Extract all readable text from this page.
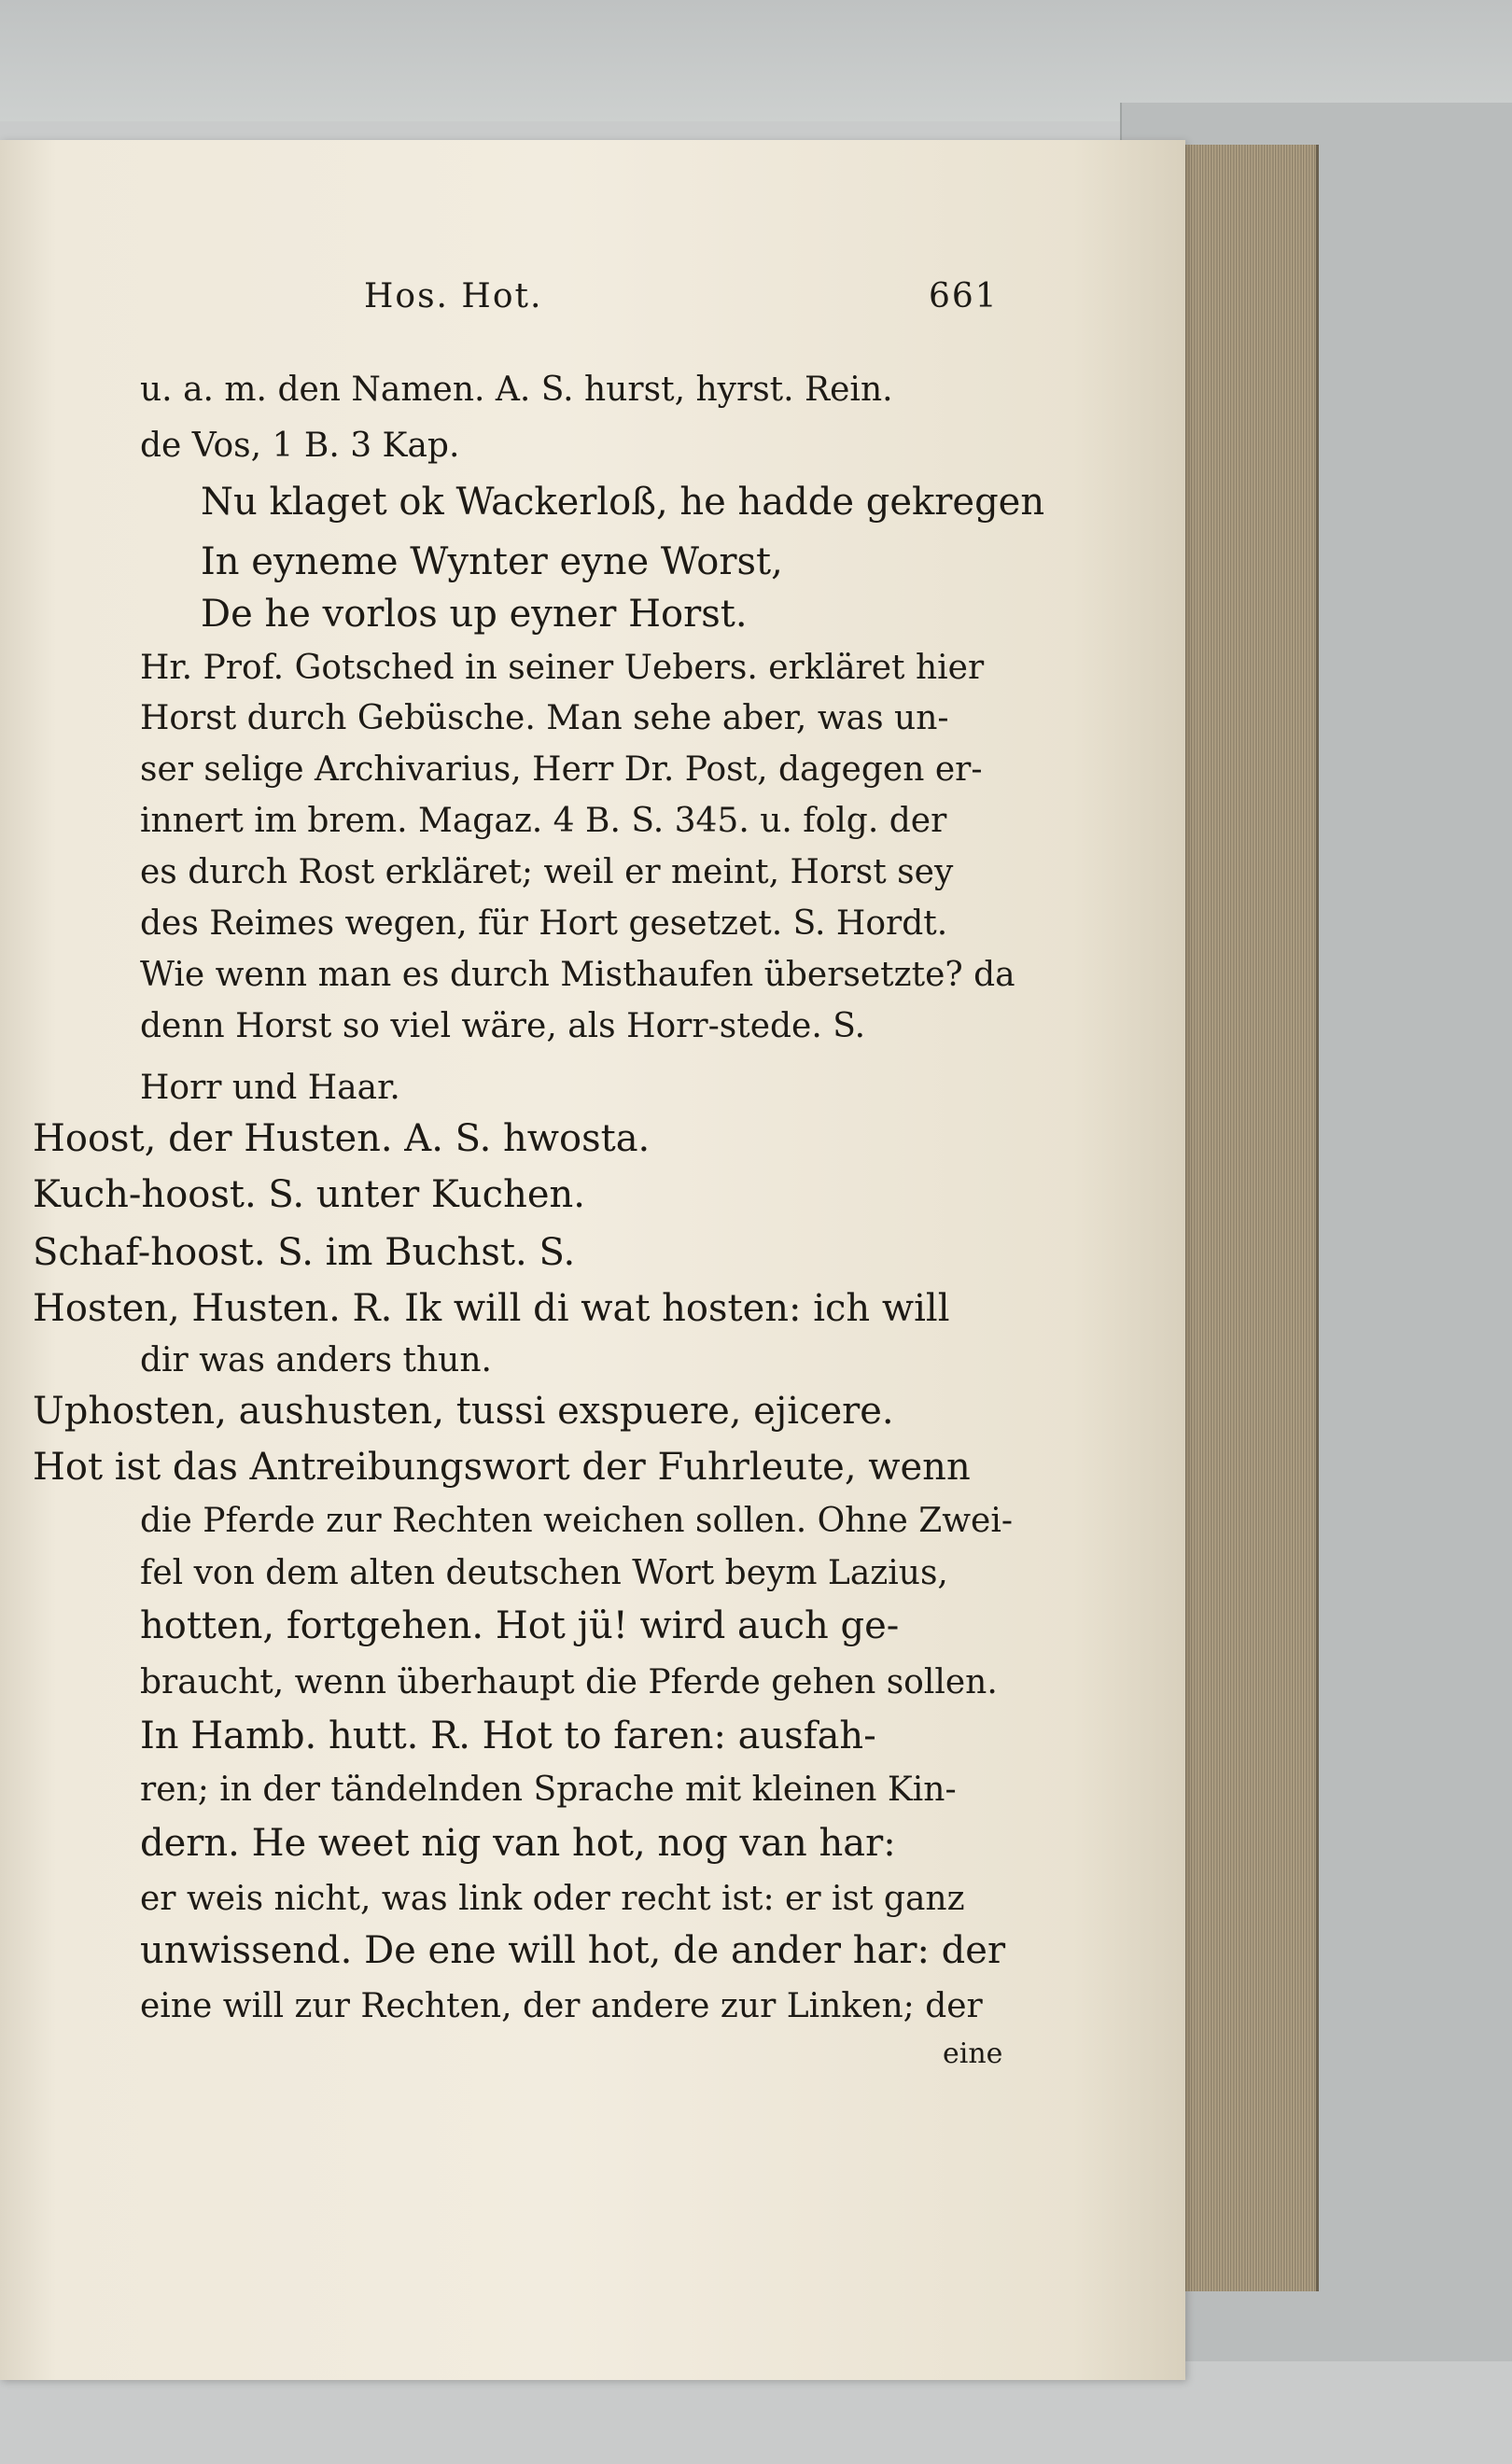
Hos. Hot.	661

u. a. m. den Namen. A. S. hurst, hyrst. Rein.

de Vos, 1 B. 3 Kap.

Nu klaget ok Wackerloß, he hadde gekregen

In eyneme Wynter eyne Worst,

De he vorlos up eyner Horst.

Hr. Prof. Gotsched in seiner Uebers. erkläret hier

Horst durch Gebüsche. Man sehe aber, was un-

ser selige Archivarius, Herr Dr. Post, dagegen er-

innert im brem. Magaz. 4 B. S. 345. u. folg. der

es durch Rost erkläret; weil er meint, Horst sey

des Reimes wegen, für Hort gesetzet. S. Hordt.

Wie wenn man es durch Misthaufen übersetzte? da

denn Horst so viel wäre, als Horr-stede. S.

Horr und Haar.

Hoost, der Husten. A. S. hwosta.

Kuch-hoost. S. unter Kuchen.

Schaf-hoost. S. im Buchst. S.

Hosten, Husten. R. Ik will di wat hosten: ich will

dir was anders thun.

Uphosten, aushusten, tussi exspuere, ejicere.

Hot ist das Antreibungswort der Fuhrleute, wenn

die Pferde zur Rechten weichen sollen. Ohne Zwei-

fel von dem alten deutschen Wort beym Lazius,

hotten, fortgehen. Hot jü! wird auch ge-

braucht, wenn überhaupt die Pferde gehen sollen.

In Hamb. hutt. R. Hot to faren: ausfah-

ren; in der tändelnden Sprache mit kleinen Kin-

dern. He weet nig van hot, nog van har:

er weis nicht, was link oder recht ist: er ist ganz

unwissend. De ene will hot, de ander har: der

eine will zur Rechten, der andere zur Linken; der

eine
